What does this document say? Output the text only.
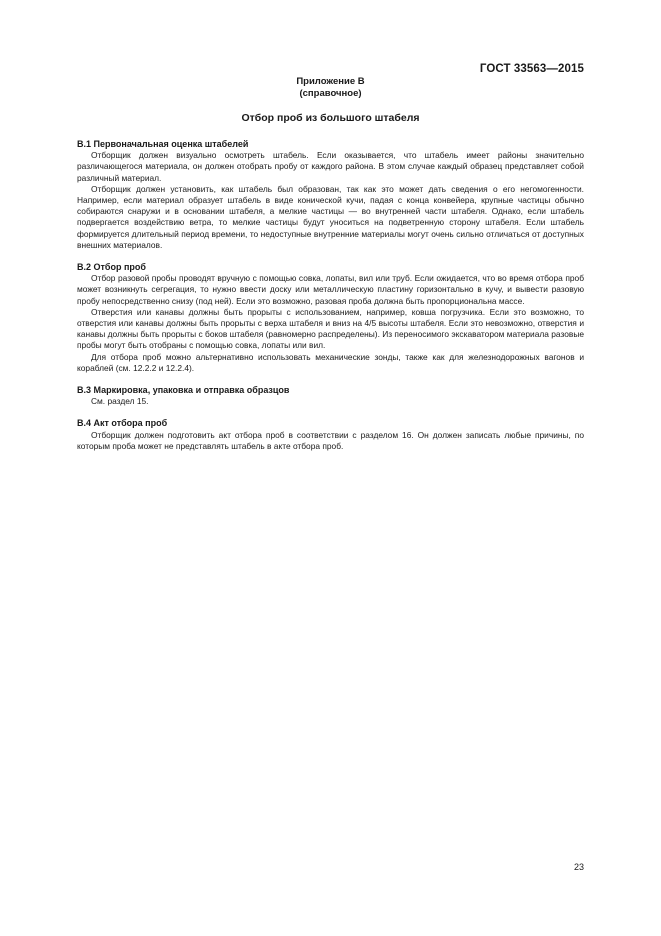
ГОСТ 33563—2015
Приложение В
(справочное)
Отбор проб из большого штабеля

В.1 Первоначальная оценка штабелей

Отборщик должен визуально осмотреть штабель. Если оказывается, что штабель имеет районы значительно различающегося материала, он должен отобрать пробу от каждого района. В этом случае каждый образец представляет собой различный материал.

Отборщик должен установить, как штабель был образован, так как это может дать сведения о его негомогенности. Например, если материал образует штабель в виде конической кучи, падая с конца конвейера, крупные частицы обычно собираются снаружи и в основании штабеля, а мелкие частицы — во внутренней части штабеля. Однако, если штабель подвергается воздействию ветра, то мелкие частицы будут уноситься на подветренную сторону штабеля. Если штабель формируется длительный период времени, то недоступные внутренние материалы могут очень сильно отличаться от доступных внешних материалов.

В.2 Отбор проб

Отбор разовой пробы проводят вручную с помощью совка, лопаты, вил или труб. Если ожидается, что во время отбора проб может возникнуть сегрегация, то нужно ввести доску или металлическую пластину горизонтально в кучу, и вывести разовую пробу непосредственно снизу (под ней). Если это возможно, разовая проба должна быть пропорциональна массе.

Отверстия или канавы должны быть прорыты с использованием, например, ковша погрузчика. Если это возможно, то отверстия или канавы должны быть прорыты с верха штабеля и вниз на 4/5 высоты штабеля. Если это невозможно, отверстия и канавы должны быть прорыты с боков штабеля (равномерно распределены). Из переносимого экскаватором материала разовые пробы могут быть отобраны с помощью совка, лопаты или вил.

Для отбора проб можно альтернативно использовать механические зонды, также как для железнодорожных вагонов и кораблей (см. 12.2.2 и 12.2.4).

В.3 Маркировка, упаковка и отправка образцов

См. раздел 15.

В.4 Акт отбора проб

Отборщик должен подготовить акт отбора проб в соответствии с разделом 16. Он должен записать любые причины, по которым проба может не представлять штабель в акте отбора проб.

23
